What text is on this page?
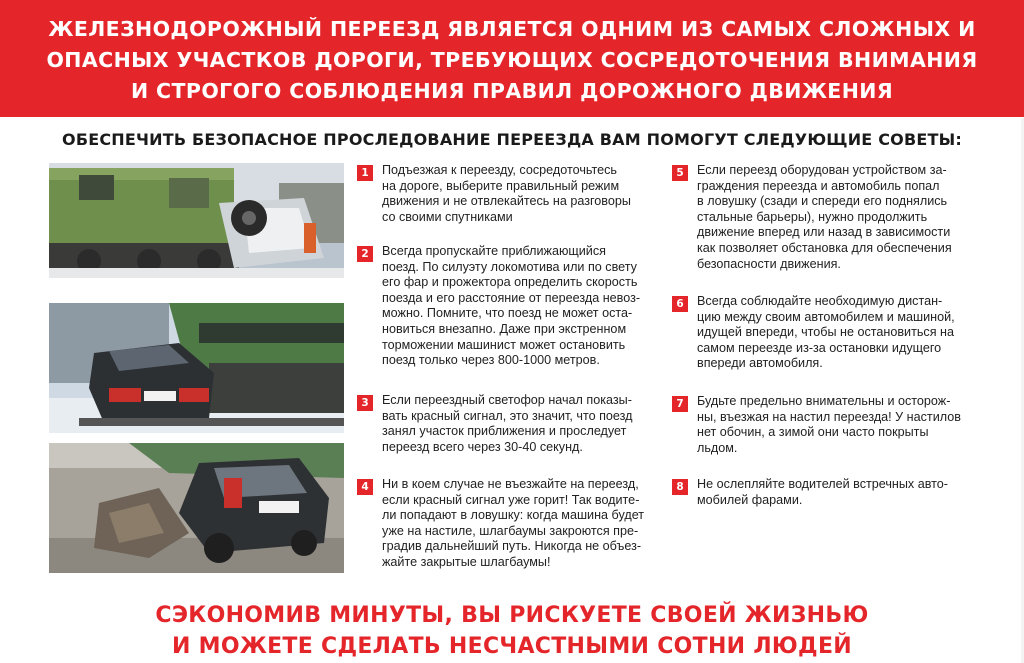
ЖЕЛЕЗНОДОРОЖНЫЙ ПЕРЕЕЗД ЯВЛЯЕТСЯ ОДНИМ ИЗ САМЫХ СЛОЖНЫХ И
ОПАСНЫХ УЧАСТКОВ ДОРОГИ, ТРЕБУЮЩИХ СОСРЕДОТОЧЕНИЯ ВНИМАНИЯ
И СТРОГОГО СОБЛЮДЕНИЯ ПРАВИЛ ДОРОЖНОГО ДВИЖЕНИЯ
ОБЕСПЕЧИТЬ БЕЗОПАСНОЕ ПРОСЛЕДОВАНИЕ ПЕРЕЕЗДА ВАМ ПОМОГУТ СЛЕДУЮЩИЕ СОВЕТЫ:
1	Подъезжая к переезду, сосредоточьтесь
на дороге, выберите правильный режим
движения и не отвлекайтесь на разговоры
со своими спутниками
2	Всегда пропускайте приближающийся
поезд. По силуэту локомотива или по свету
его фар и прожектора определить скорость
поезда и его расстояние от переезда невоз-
можно. Помните, что поезд не может оста-
новиться внезапно. Даже при экстренном
торможении машинист может остановить
поезд только через 800-1000 метров.
3	Если переездный светофор начал показы-
вать красный сигнал, это значит, что поезд
занял участок приближения и проследует
переезд всего через 30-40 секунд.
4	Ни в коем случае не въезжайте на переезд,
если красный сигнал уже горит! Так водите-
ли попадают в ловушку: когда машина будет
уже на настиле, шлагбаумы закроются пре-
градив дальнейший путь. Никогда не объез-
жайте закрытые шлагбаумы!
5	Если переезд оборудован устройством за-
граждения переезда и автомобиль попал
в ловушку (сзади и спереди его поднялись
стальные барьеры), нужно продолжить
движение вперед или назад в зависимости
как позволяет обстановка для обеспечения
безопасности движения.
6	Всегда соблюдайте необходимую дистан-
цию между своим автомобилем и машиной,
идущей впереди, чтобы не остановиться на
самом переезде из-за остановки идущего
впереди автомобиля.
7	Будьте предельно внимательны и осторож-
ны, въезжая на настил переезда! У настилов
нет обочин, а зимой они часто покрыты
льдом.
8	Не ослепляйте водителей встречных авто-
мобилей фарами.
СЭКОНОМИВ МИНУТЫ, ВЫ РИСКУЕТЕ СВОЕЙ ЖИЗНЬЮ
И МОЖЕТЕ СДЕЛАТЬ НЕСЧАСТНЫМИ СОТНИ ЛЮДЕЙ
